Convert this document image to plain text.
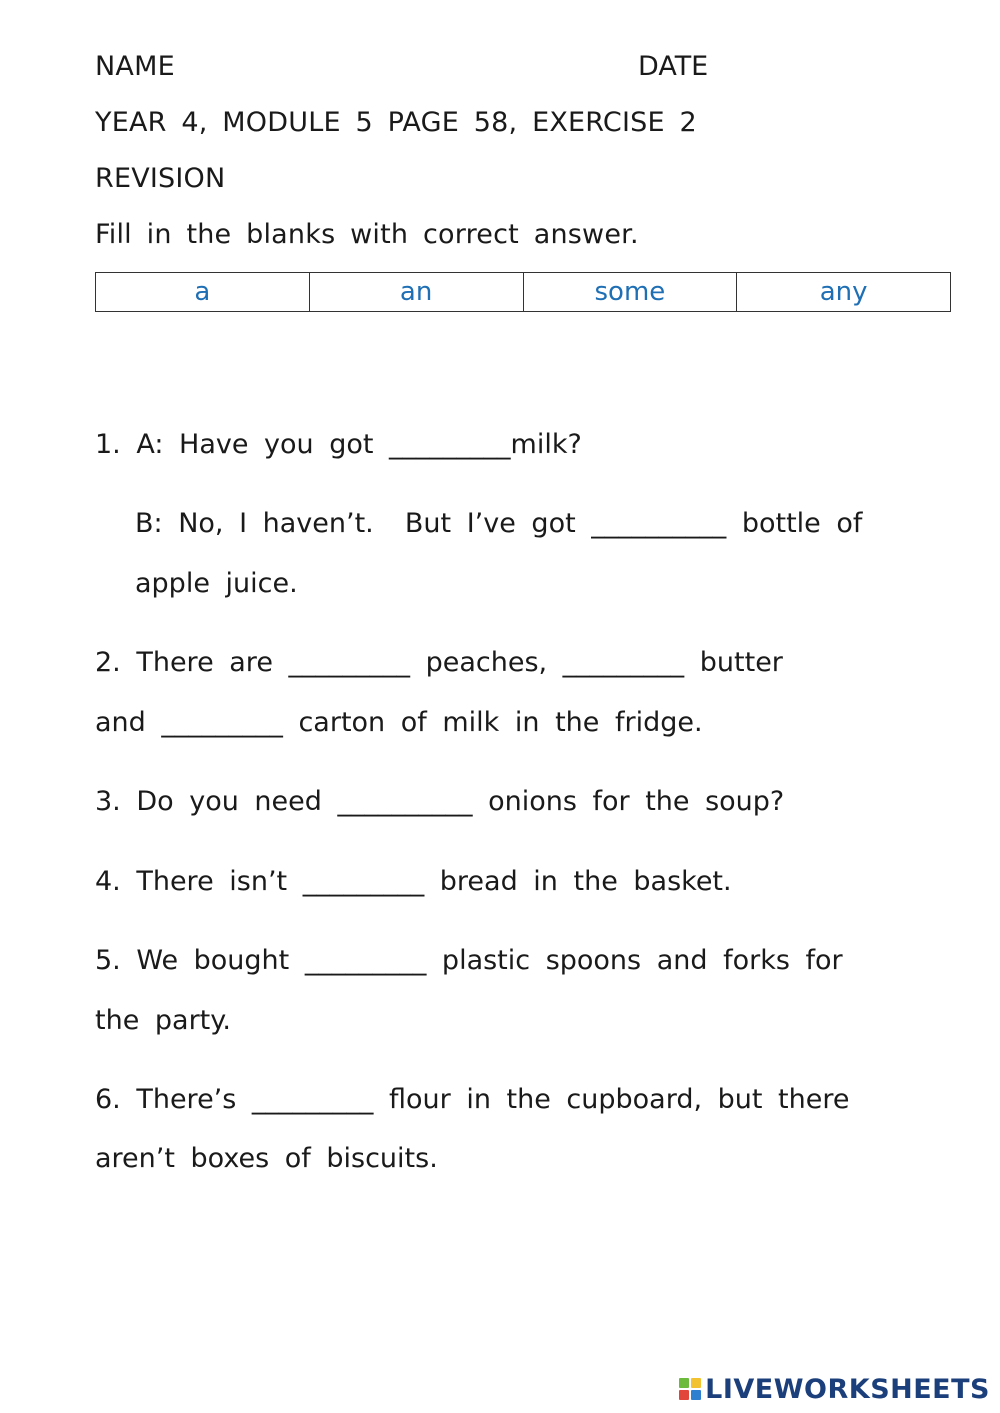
NAME	DATE
YEAR 4, MODULE 5 PAGE 58, EXERCISE 2
REVISION
Fill in the blanks with correct answer.
a	an	some	any
1. A: Have you got _________milk?
B: No, I haven’t.  But I’ve got __________ bottle of
apple juice.
2. There are _________ peaches, _________ butter
and _________ carton of milk in the fridge.
3. Do you need __________ onions for the soup?
4. There isn’t _________ bread in the basket.
5. We bought _________ plastic spoons and forks for
the party.
6. There’s _________ flour in the cupboard, but there
aren’t boxes of biscuits.
LIVEWORKSHEETS
